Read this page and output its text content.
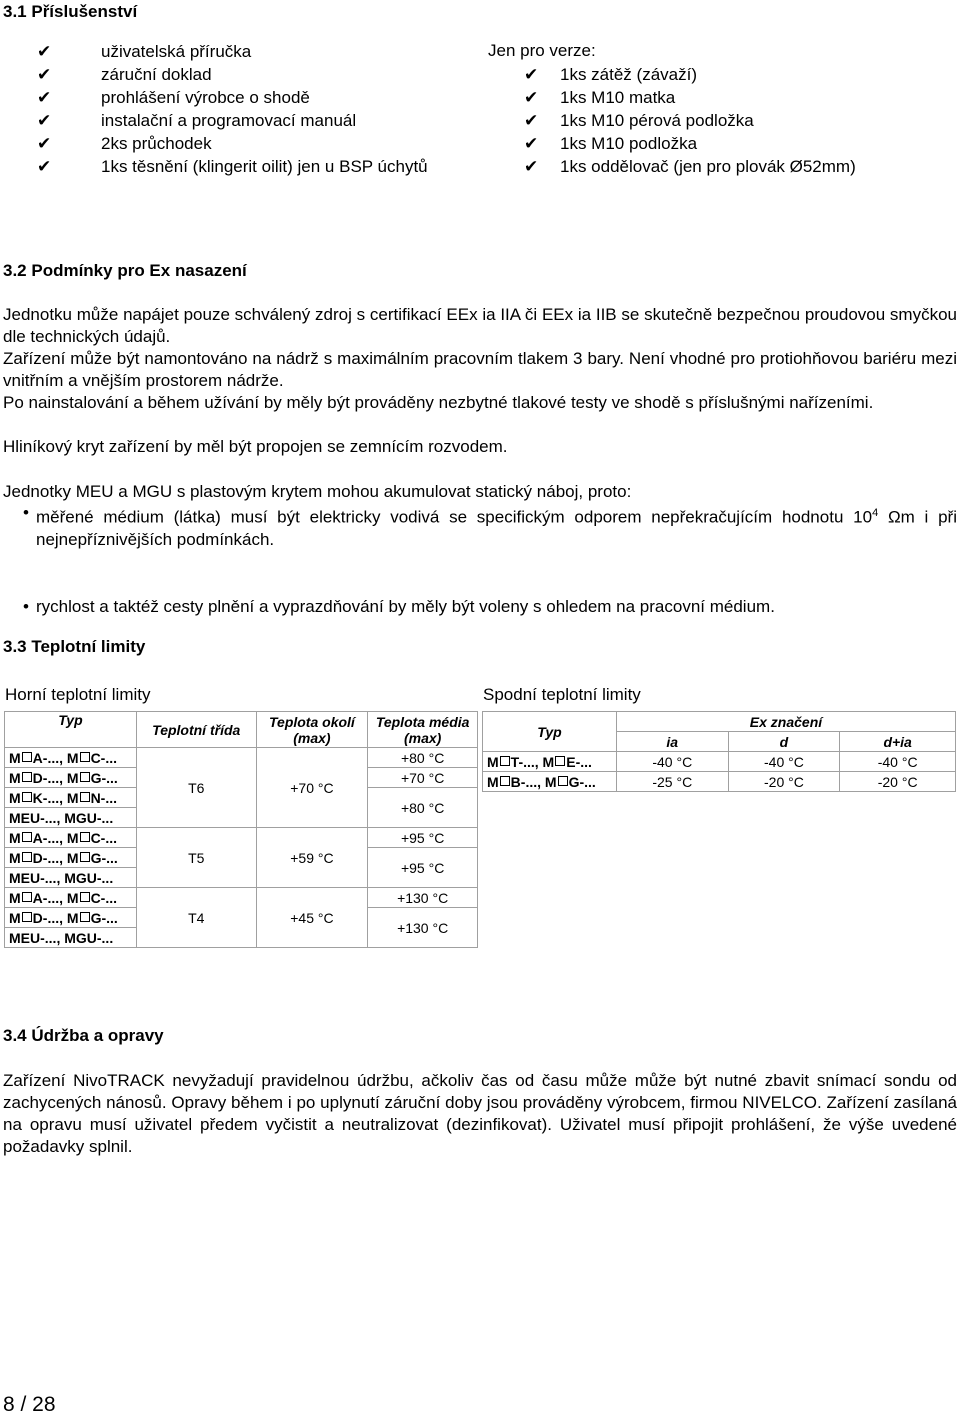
3.1 Příslušenství
✔	uživatelská příručka
✔	záruční doklad
✔	prohlášení výrobce o shodě
✔	instalační a programovací manuál
✔	2ks průchodek
✔	1ks těsnění (klingerit oilit) jen u BSP úchytů
Jen pro verze:
✔ 1ks zátěž (závaží)
✔ 1ks M10 matka
✔ 1ks M10 pérová podložka
✔ 1ks M10 podložka
✔ 1ks oddělovač (jen pro plovák Ø52mm)
3.2 Podmínky pro Ex nasazení
Jednotku může napájet pouze schválený zdroj s certifikací EEx ia IIA či EEx ia IIB se skutečně bezpečnou proudovou smyčkou dle technických údajů.
Zařízení může být namontováno na nádrž s maximálním pracovním tlakem 3 bary. Není vhodné pro protiohňovou bariéru mezi vnitřním a vnějším prostorem nádrže.
Po nainstalování a během užívání by měly být prováděny nezbytné tlakové testy ve shodě s příslušnými nařízeními.
Hliníkový kryt zařízení by měl být propojen se zemnícím rozvodem.
Jednotky MEU a MGU s plastovým krytem mohou akumulovat statický náboj, proto:
• měřené médium (látka) musí být elektricky vodivá se specifickým odporem nepřekračujícím hodnotu $10^4$ Ωm i při nejnepříznivějších podmínkách.
• rychlost a taktéž cesty plnění a vyprazdňování by měly být voleny s ohledem na pracovní médium.
3.3 Teplotní limity
Horní teplotní limity	Spodní teplotní limity
Typ	Teplotní třída	Teplota okolí (max)	Teplota média (max)
M A-..., M C-...	T6	+70 °C	+80 °C
M D-..., M G-...			+70 °C
M K-..., M N-...			+80 °C
MEU-..., MGU-...			
M A-..., M C-...	T5	+59 °C	+95 °C
M D-..., M G-...			+95 °C
MEU-..., MGU-...			
M A-..., M C-...	T4	+45 °C	+130 °C
M D-..., M G-...			+130 °C
MEU-..., MGU-...			
Typ	Ex značení		
	ia	d	d+ia
M T-..., M E-...	-40 °C	-40 °C	-40 °C
M B-..., M G-...	-25 °C	-20 °C	-20 °C
3.4 Údržba a opravy
Zařízení NivoTRACK nevyžadují pravidelnou údržbu, ačkoliv čas od času může může být nutné zbavit snímací sondu od zachycených nánosů. Opravy během i po uplynutí záruční doby jsou prováděny výrobcem, firmou NIVELCO. Zařízení zasílaná na opravu musí uživatel předem vyčistit a neutralizovat (dezinfikovat). Uživatel musí připojit prohlášení, že výše uvedené požadavky splnil.
8 / 28
